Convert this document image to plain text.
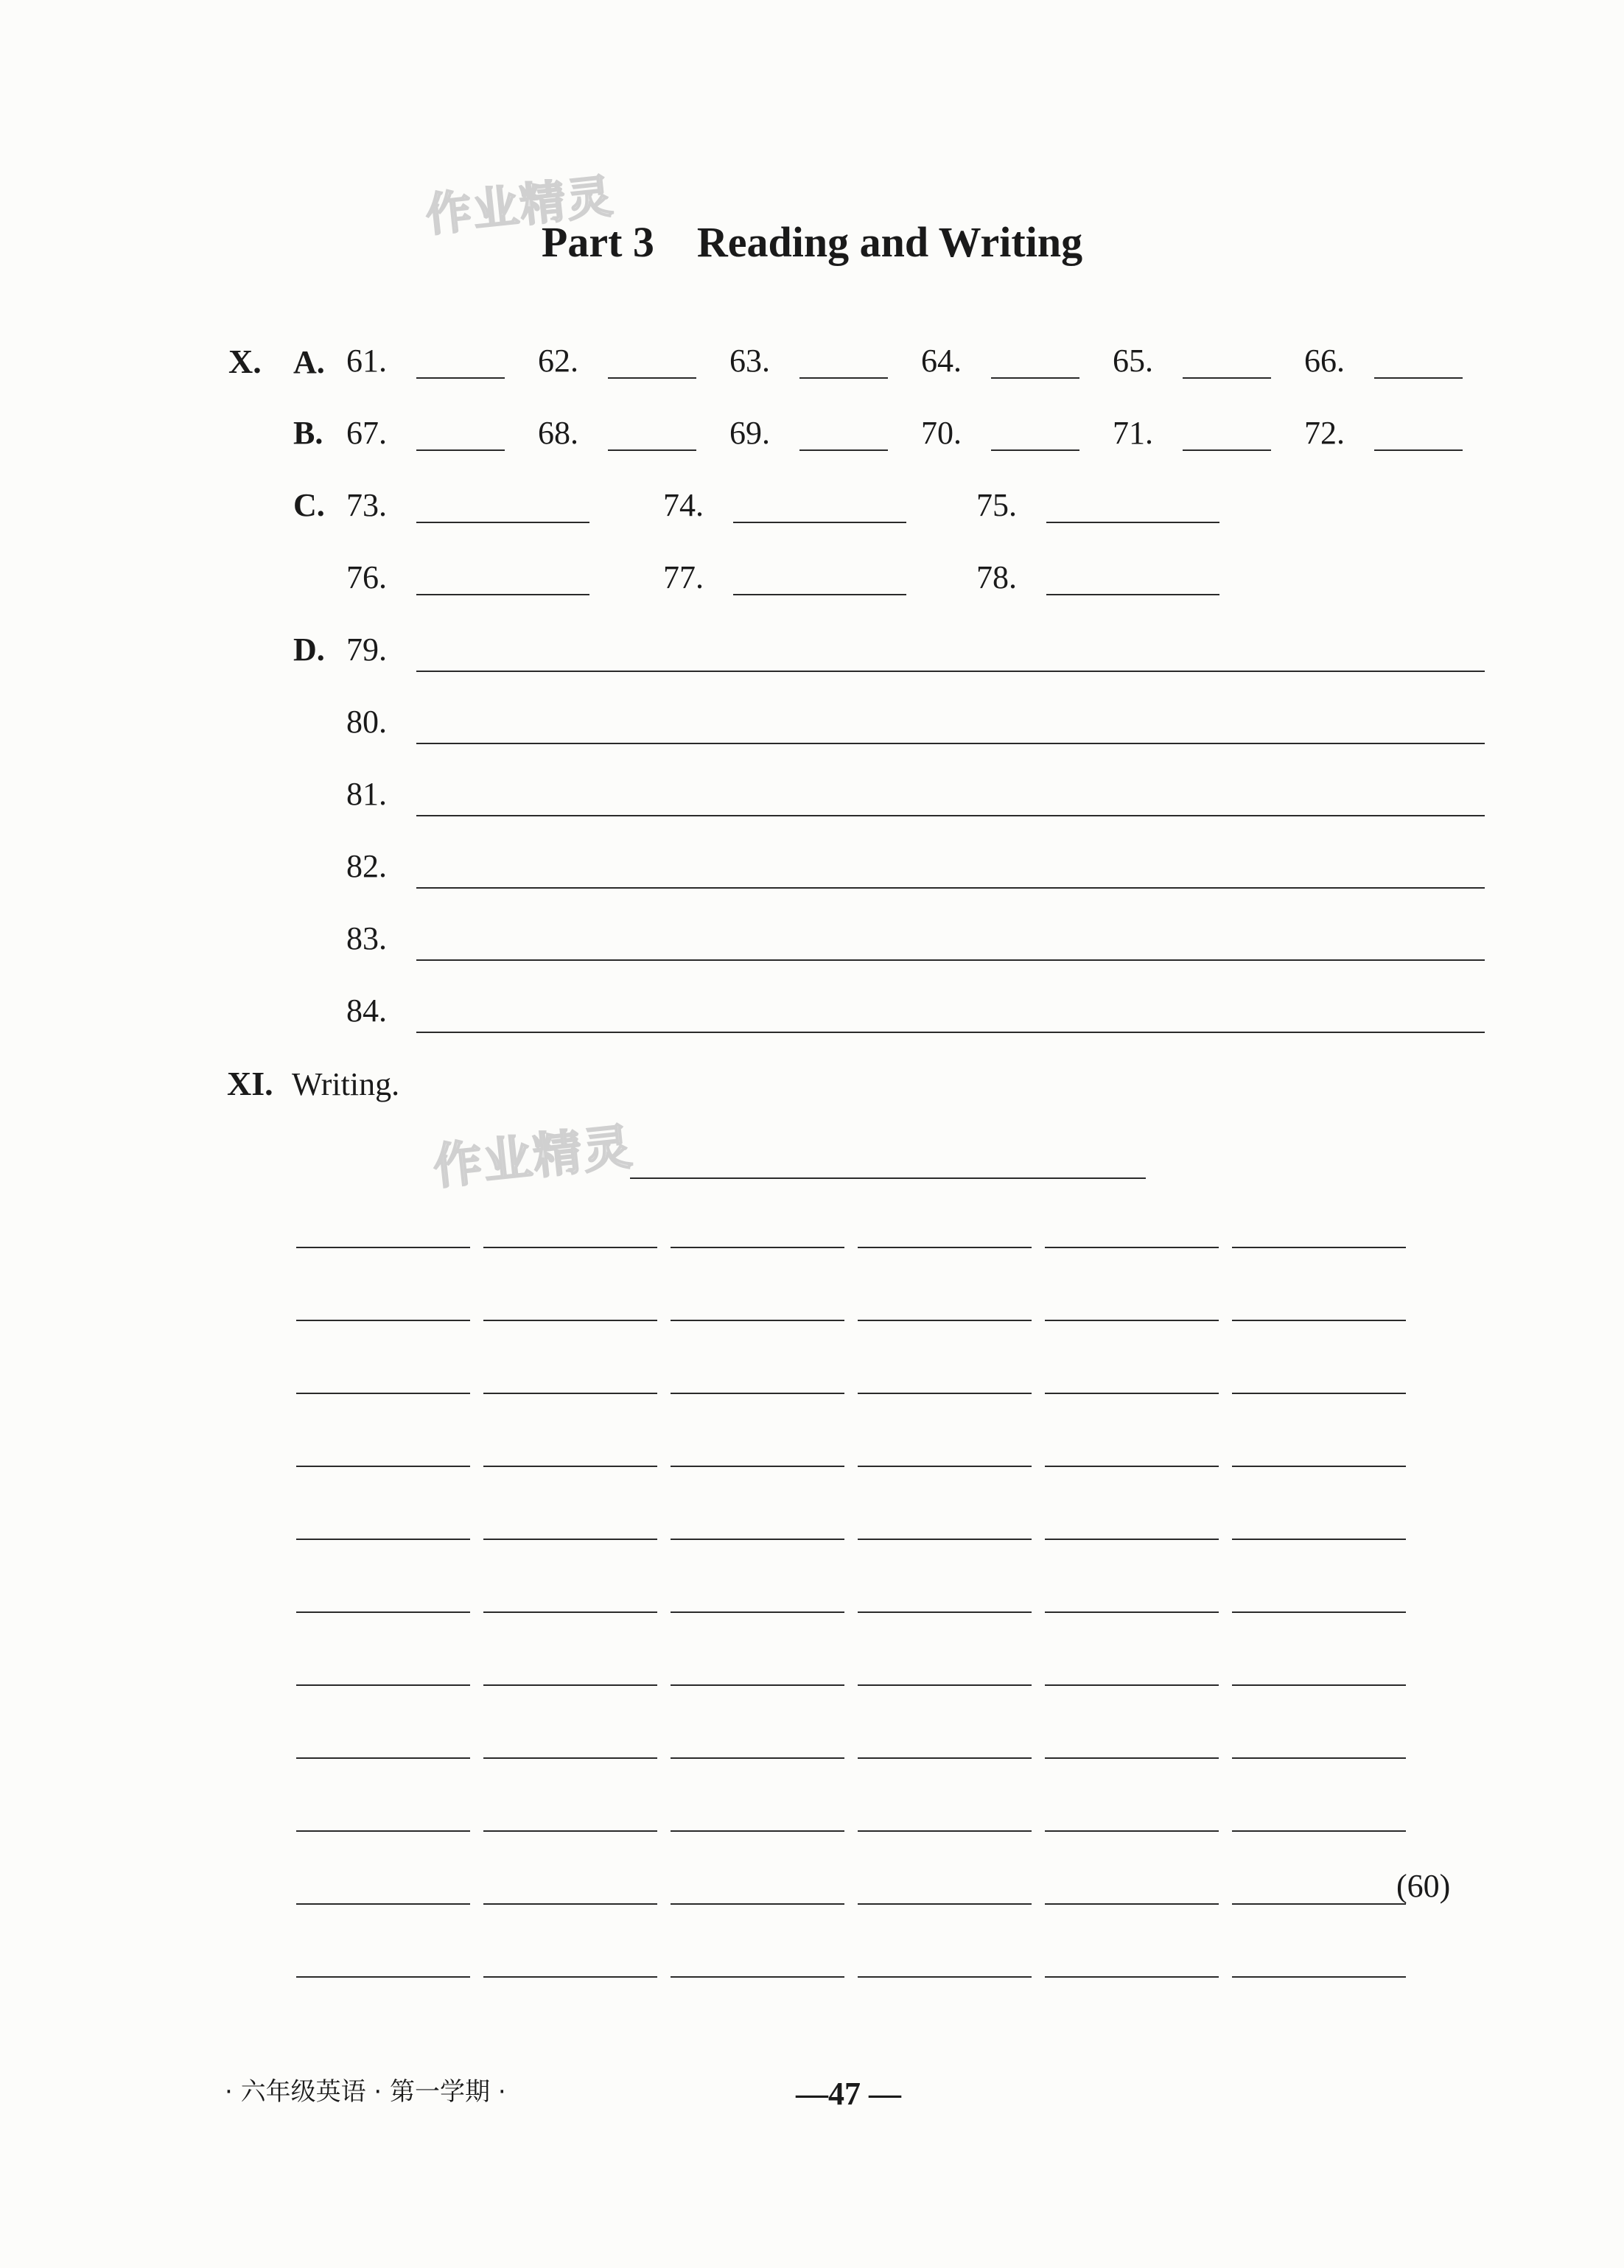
作业精灵
Part 3    Reading and Writing
X. A. 61.	62.	63.	64.	65.	66.
B. 67.	68.	69.	70.	71.	72.
C. 73.	74.	75.
76.	77.	78.
D. 79.
80.
81.
82.
83.
84.
XI. Writing.
作业精灵
(60)
· 六年级英语 · 第一学期 ·	—47 —
